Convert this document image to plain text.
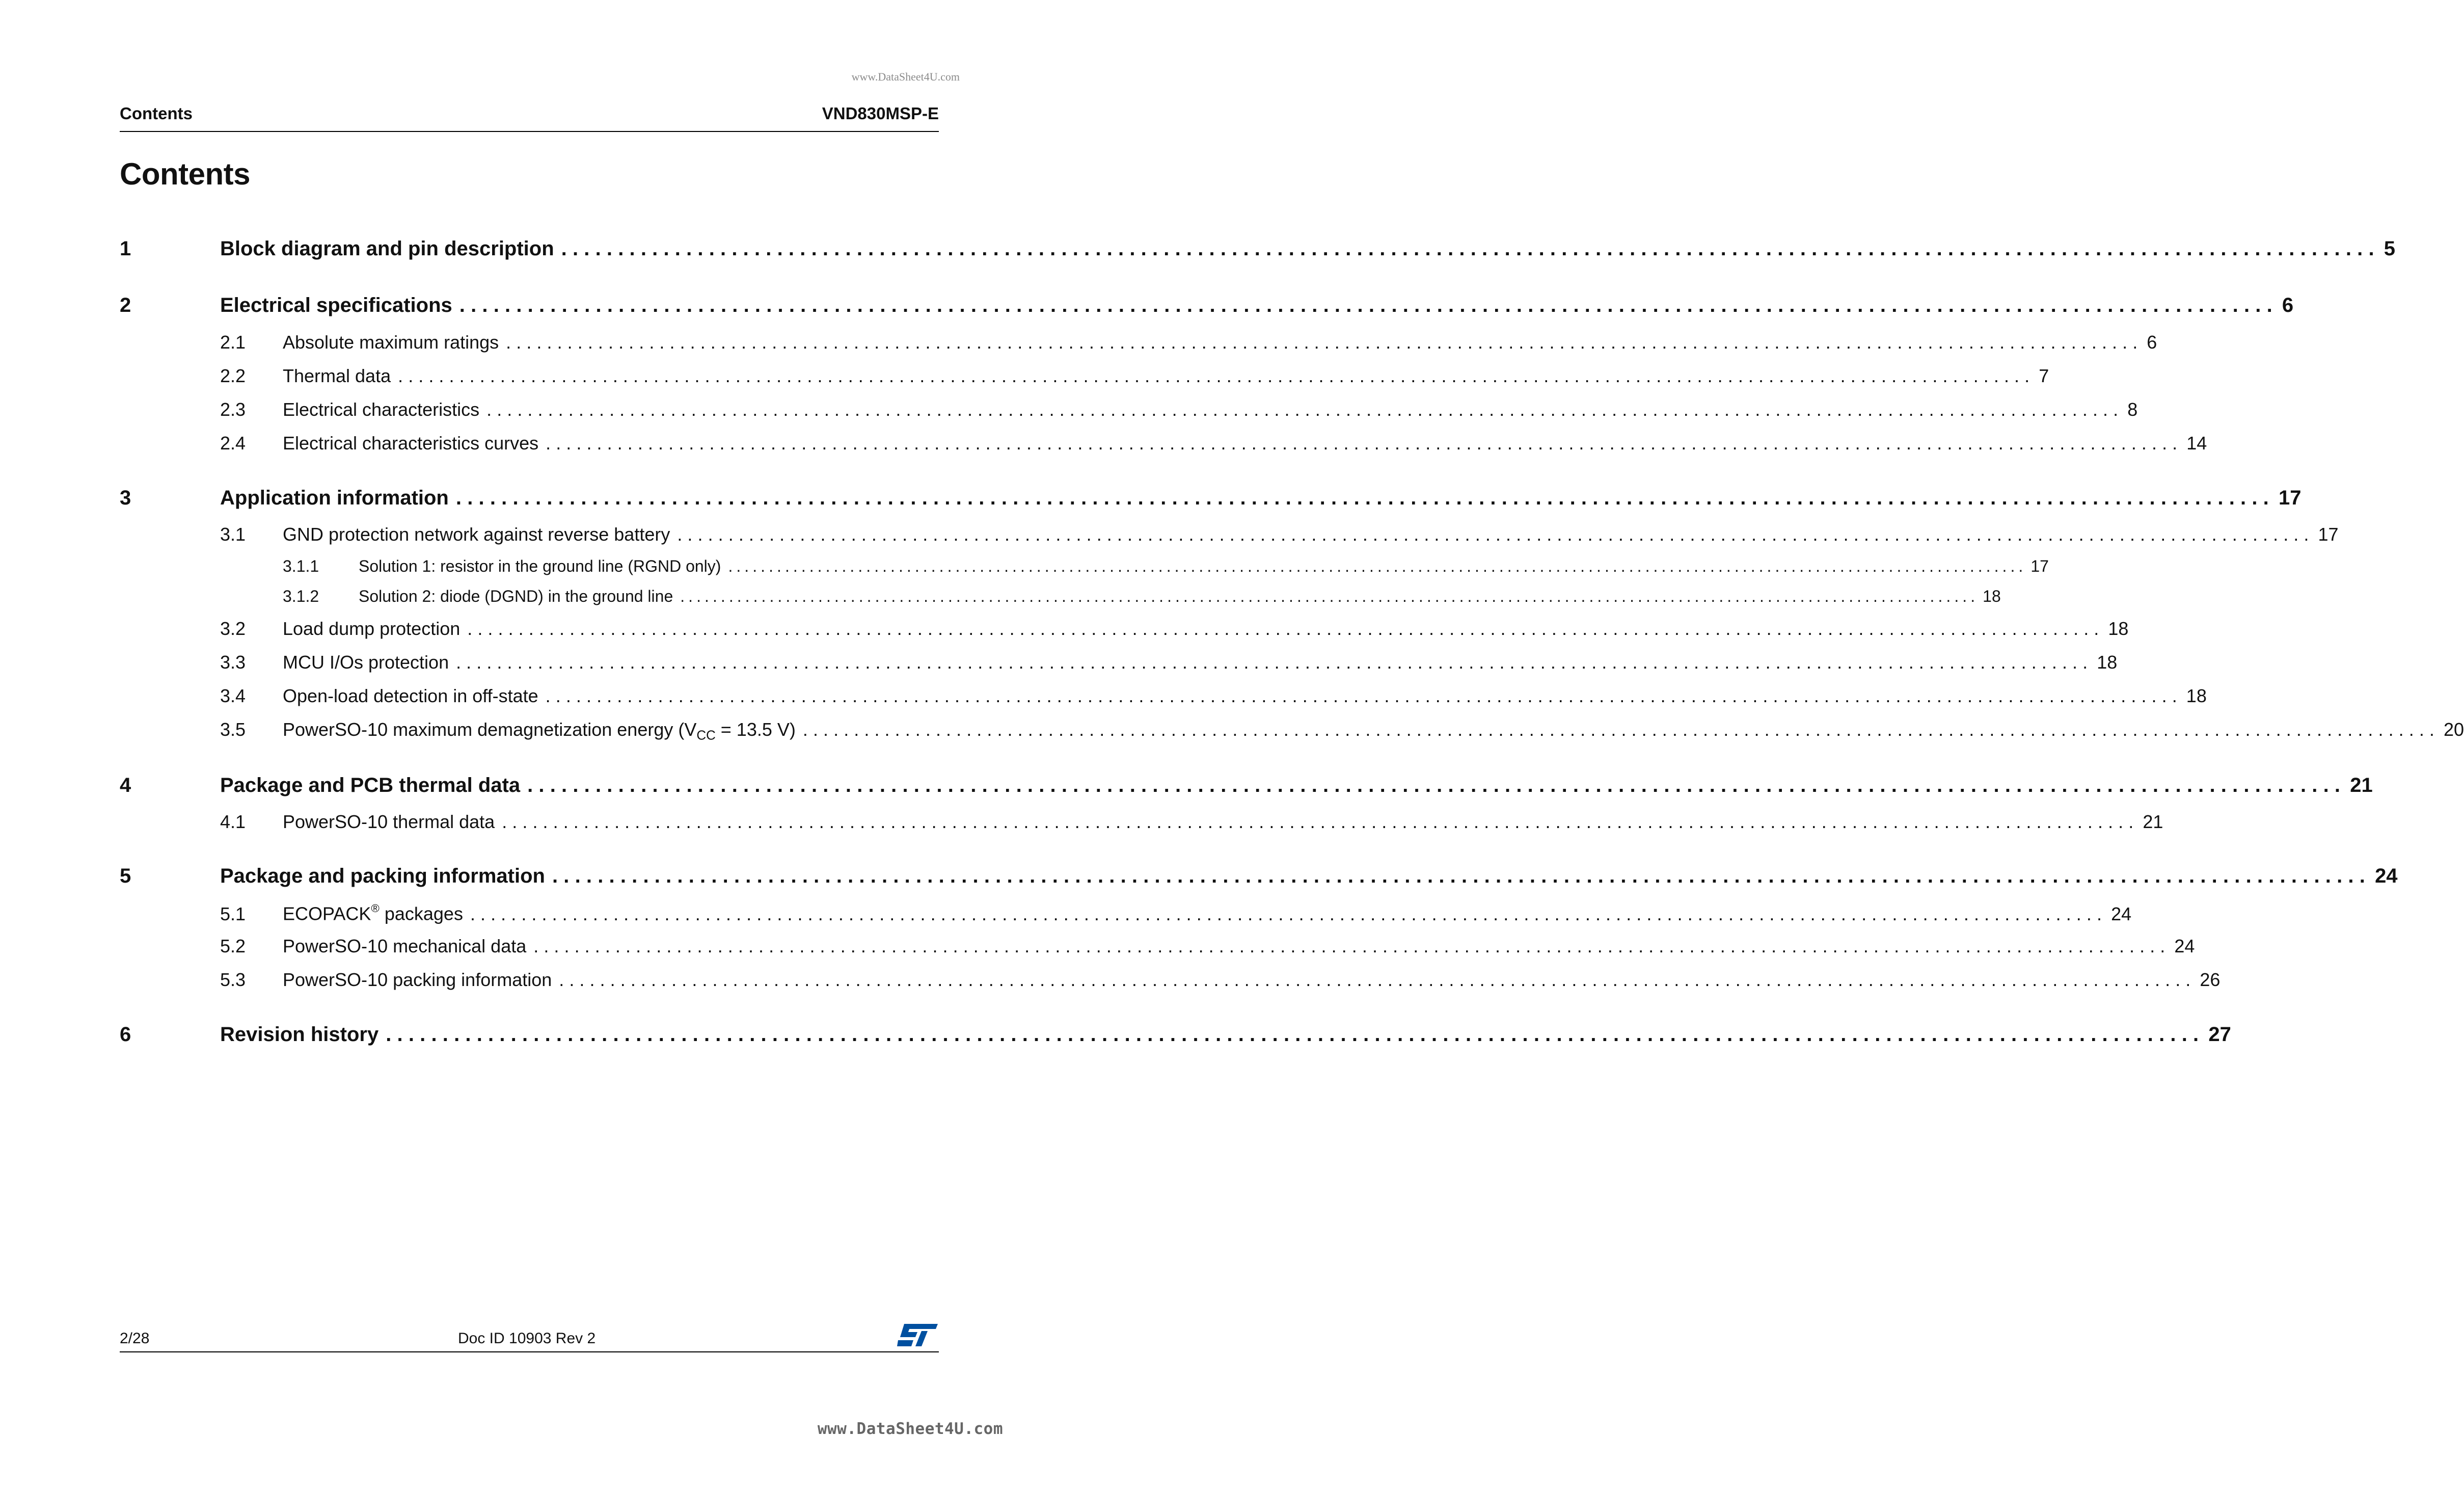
www.DataSheet4U.com
Contents	VND830MSP-E
Contents
1	Block diagram and pin description ................................................................................................................................................................ 5
2	Electrical specifications ................................................................................................................................................................ 6
2.1	Absolute maximum ratings ................................................................................................................................................................ 6
2.2	Thermal data ................................................................................................................................................................ 7
2.3	Electrical characteristics ................................................................................................................................................................ 8
2.4	Electrical characteristics curves ................................................................................................................................................................ 14
3	Application information ................................................................................................................................................................ 17
3.1	GND protection network against reverse battery ................................................................................................................................................................ 17
3.1.1	Solution 1: resistor in the ground line (RGND only) ................................................................................................................................................................ 17
3.1.2	Solution 2: diode (DGND) in the ground line ................................................................................................................................................................ 18
3.2	Load dump protection ................................................................................................................................................................ 18
3.3	MCU I/Os protection ................................................................................................................................................................ 18
3.4	Open-load detection in off-state ................................................................................................................................................................ 18
3.5	PowerSO-10 maximum demagnetization energy ($V_{CC} = 13.5$ V) ................................................................................................................................................................ 20
4	Package and PCB thermal data ................................................................................................................................................................ 21
4.1	PowerSO-10 thermal data ................................................................................................................................................................ 21
5	Package and packing information ................................................................................................................................................................ 24
5.1	ECOPACK® packages ................................................................................................................................................................ 24
5.2	PowerSO-10 mechanical data ................................................................................................................................................................ 24
5.3	PowerSO-10 packing information ................................................................................................................................................................ 26
6	Revision history ................................................................................................................................................................ 27
2/28	Doc ID 10903 Rev 2
www.DataSheet4U.com
